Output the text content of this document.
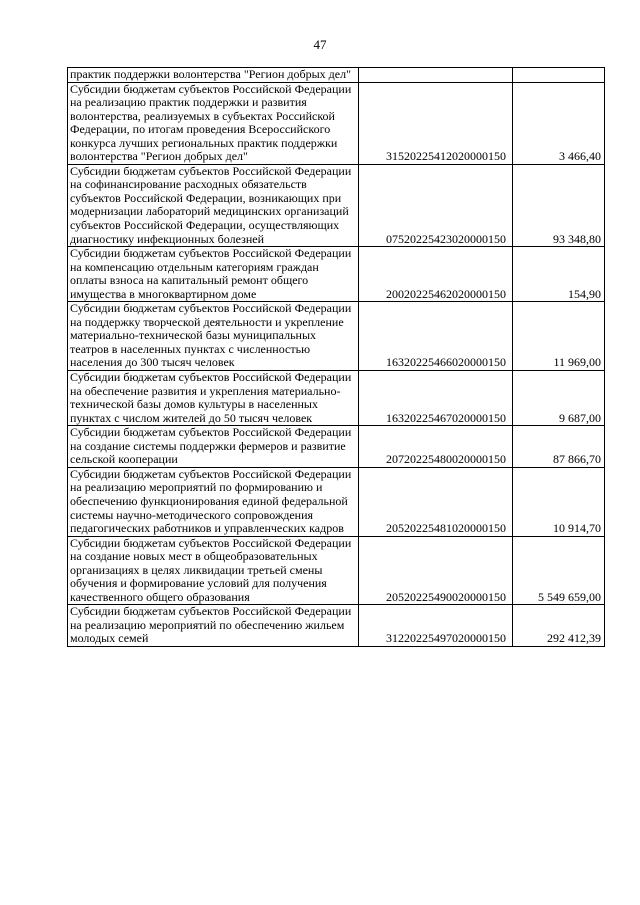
47
практик поддержки волонтерства "Регион добрых дел"		
Субсидии бюджетам субъектов Российской Федерации на реализацию практик поддержки и развития волонтерства, реализуемых в субъектах Российской Федерации, по итогам проведения Всероссийского конкурса лучших региональных практик поддержки волонтерства "Регион добрых дел"	31520225412020000150	3 466,40
Субсидии бюджетам субъектов Российской Федерации на софинансирование расходных обязательств субъектов Российской Федерации, возникающих при модернизации лабораторий медицинских организаций субъектов Российской Федерации, осуществляющих диагностику инфекционных болезней	07520225423020000150	93 348,80
Субсидии бюджетам субъектов Российской Федерации на компенсацию отдельным категориям граждан оплаты взноса на капитальный ремонт общего имущества в многоквартирном доме	20020225462020000150	154,90
Субсидии бюджетам субъектов Российской Федерации на поддержку творческой деятельности и укрепление материально-технической базы муниципальных театров в населенных пунктах с численностью населения до 300 тысяч человек	16320225466020000150	11 969,00
Субсидии бюджетам субъектов Российской Федерации на обеспечение развития и укрепления материально-технической базы домов культуры в населенных пунктах с числом жителей до 50 тысяч человек	16320225467020000150	9 687,00
Субсидии бюджетам субъектов Российской Федерации на создание системы поддержки фермеров и развитие сельской кооперации	20720225480020000150	87 866,70
Субсидии бюджетам субъектов Российской Федерации на реализацию мероприятий по формированию и обеспечению функционирования единой федеральной системы научно-методического сопровождения педагогических работников и управленческих кадров	20520225481020000150	10 914,70
Субсидии бюджетам субъектов Российской Федерации на создание новых мест в общеобразовательных организациях в целях ликвидации третьей смены обучения и формирование условий для получения качественного общего образования	20520225490020000150	5 549 659,00
Субсидии бюджетам субъектов Российской Федерации на реализацию мероприятий по обеспечению жильем молодых семей	31220225497020000150	292 412,39
